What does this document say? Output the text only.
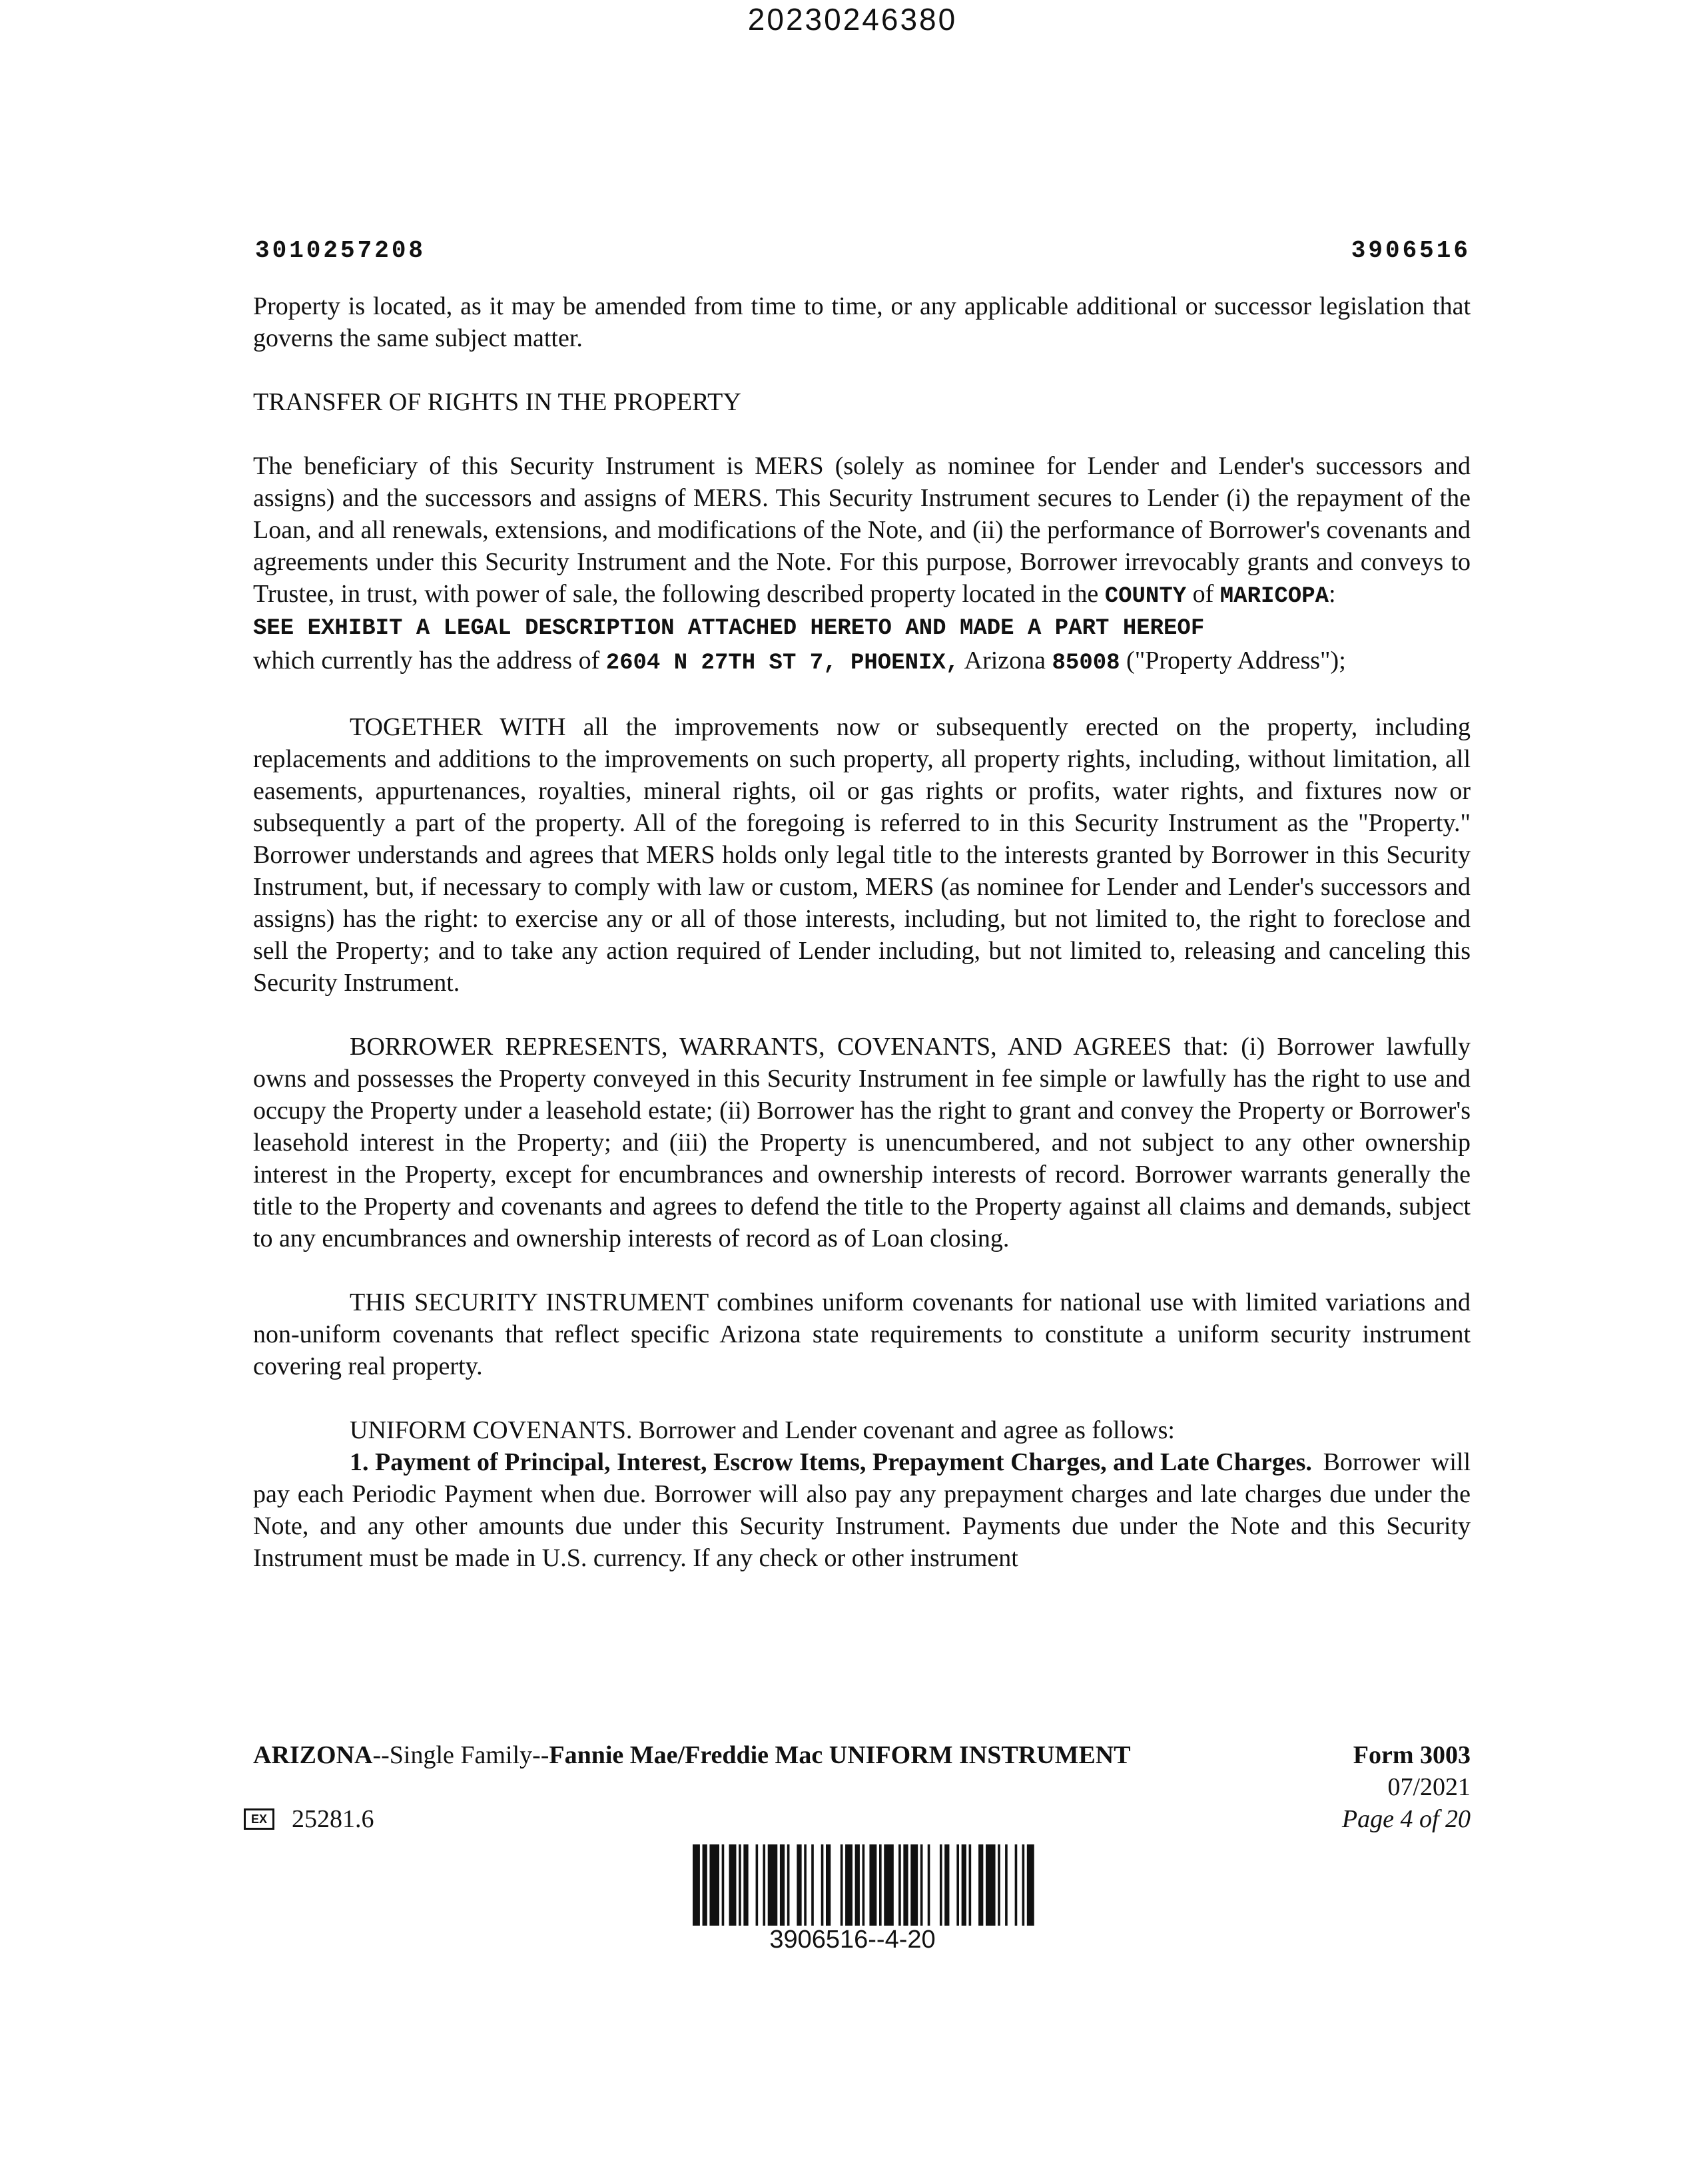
20230246380
3010257208	3906516

Property is located, as it may be amended from time to time, or any applicable additional or successor legislation that governs the same subject matter.

TRANSFER OF RIGHTS IN THE PROPERTY

The beneficiary of this Security Instrument is MERS (solely as nominee for Lender and Lender's successors and assigns) and the successors and assigns of MERS. This Security Instrument secures to Lender (i) the repayment of the Loan, and all renewals, extensions, and modifications of the Note, and (ii) the performance of Borrower's covenants and agreements under this Security Instrument and the Note. For this purpose, Borrower irrevocably grants and conveys to Trustee, in trust, with power of sale, the following described property located in the COUNTY of MARICOPA:

SEE EXHIBIT A LEGAL DESCRIPTION ATTACHED HERETO AND MADE A PART HEREOF

which currently has the address of 2604 N 27TH ST 7, PHOENIX, Arizona 85008 ("Property Address");

TOGETHER WITH all the improvements now or subsequently erected on the property, including replacements and additions to the improvements on such property, all property rights, including, without limitation, all easements, appurtenances, royalties, mineral rights, oil or gas rights or profits, water rights, and fixtures now or subsequently a part of the property. All of the foregoing is referred to in this Security Instrument as the "Property." Borrower understands and agrees that MERS holds only legal title to the interests granted by Borrower in this Security Instrument, but, if necessary to comply with law or custom, MERS (as nominee for Lender and Lender's successors and assigns) has the right: to exercise any or all of those interests, including, but not limited to, the right to foreclose and sell the Property; and to take any action required of Lender including, but not limited to, releasing and canceling this Security Instrument.

BORROWER REPRESENTS, WARRANTS, COVENANTS, AND AGREES that: (i) Borrower lawfully owns and possesses the Property conveyed in this Security Instrument in fee simple or lawfully has the right to use and occupy the Property under a leasehold estate; (ii) Borrower has the right to grant and convey the Property or Borrower's leasehold interest in the Property; and (iii) the Property is unencumbered, and not subject to any other ownership interest in the Property, except for encumbrances and ownership interests of record. Borrower warrants generally the title to the Property and covenants and agrees to defend the title to the Property against all claims and demands, subject to any encumbrances and ownership interests of record as of Loan closing.

THIS SECURITY INSTRUMENT combines uniform covenants for national use with limited variations and non-uniform covenants that reflect specific Arizona state requirements to constitute a uniform security instrument covering real property.

UNIFORM COVENANTS. Borrower and Lender covenant and agree as follows:

1. Payment of Principal, Interest, Escrow Items, Prepayment Charges, and Late Charges. Borrower will pay each Periodic Payment when due. Borrower will also pay any prepayment charges and late charges due under the Note, and any other amounts due under this Security Instrument. Payments due under the Note and this Security Instrument must be made in U.S. currency. If any check or other instrument

ARIZONA--Single Family--Fannie Mae/Freddie Mac UNIFORM INSTRUMENT	Form 3003
07/2021
Page 4 of 20
EX 25281.6
3906516--4-20
